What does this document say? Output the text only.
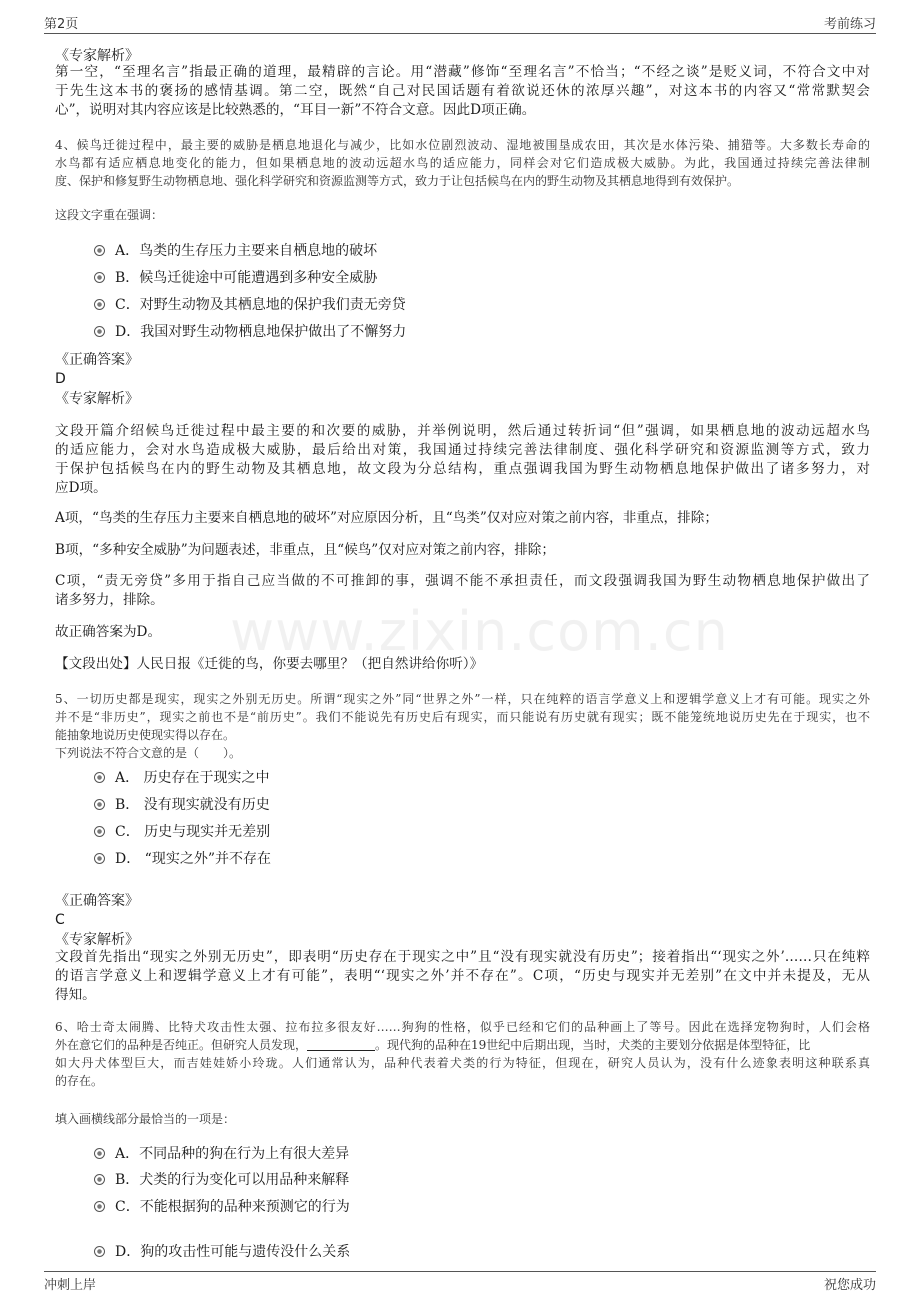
第2页	考前练习
www.zixin.com.cn
《专家解析》
第一空，“至理名言”指最正确的道理，最精辟的言论。用“潜藏”修饰“至理名言”不恰当；“不经之谈”是贬义词，不符合文中对
于先生这本书的褒扬的感情基调。第二空，既然“自己对民国话题有着欲说还休的浓厚兴趣”，对这本书的内容又“常常默契会
心”，说明对其内容应该是比较熟悉的，“耳目一新”不符合文意。因此D项正确。
4、候鸟迁徙过程中，最主要的威胁是栖息地退化与减少，比如水位剧烈波动、湿地被围垦成农田，其次是水体污染、捕猎等。大多数长寿命的
水鸟都有适应栖息地变化的能力，但如果栖息地的波动远超水鸟的适应能力，同样会对它们造成极大威胁。为此，我国通过持续完善法律制
度、保护和修复野生动物栖息地、强化科学研究和资源监测等方式，致力于让包括候鸟在内的野生动物及其栖息地得到有效保护。
这段文字重在强调：
A．鸟类的生存压力主要来自栖息地的破坏
B．候鸟迁徙途中可能遭遇到多种安全威胁
C．对野生动物及其栖息地的保护我们责无旁贷
D．我国对野生动物栖息地保护做出了不懈努力
《正确答案》
D
《专家解析》
文段开篇介绍候鸟迁徙过程中最主要的和次要的威胁，并举例说明，然后通过转折词“但”强调，如果栖息地的波动远超水鸟
的适应能力，会对水鸟造成极大威胁，最后给出对策，我国通过持续完善法律制度、强化科学研究和资源监测等方式，致力
于保护包括候鸟在内的野生动物及其栖息地，故文段为分总结构，重点强调我国为野生动物栖息地保护做出了诸多努力，对
应D项。
A项，“鸟类的生存压力主要来自栖息地的破坏”对应原因分析，且“鸟类”仅对应对策之前内容，非重点，排除；
B项，“多种安全威胁”为问题表述，非重点，且“候鸟”仅对应对策之前内容，排除；
C项，“责无旁贷”多用于指自己应当做的不可推卸的事，强调不能不承担责任，而文段强调我国为野生动物栖息地保护做出了
诸多努力，排除。
故正确答案为D。
【文段出处】人民日报《迁徙的鸟，你要去哪里？（把自然讲给你听）》
5、一切历史都是现实，现实之外别无历史。所谓“现实之外”同“世界之外”一样，只在纯粹的语言学意义上和逻辑学意义上才有可能。现实之外
并不是“非历史”，现实之前也不是“前历史”。我们不能说先有历史后有现实，而只能说有历史就有现实；既不能笼统地说历史先在于现实，也不
能抽象地说历史使现实得以存在。
下列说法不符合文意的是（　　）。
A． 历史存在于现实之中
B． 没有现实就没有历史
C． 历史与现实并无差别
D． “现实之外”并不存在
《正确答案》
C
《专家解析》
文段首先指出“现实之外别无历史”，即表明“历史存在于现实之中”且“没有现实就没有历史”；接着指出“‘现实之外’……只在纯粹
的语言学意义上和逻辑学意义上才有可能”，表明“‘现实之外’并不存在”。C项，“历史与现实并无差别”在文中并未提及，无从
得知。
6、哈士奇太闹腾、比特犬攻击性太强、拉布拉多很友好……狗狗的性格，似乎已经和它们的品种画上了等号。因此在选择宠物狗时，人们会格
外在意它们的品种是否纯正。但研究人员发现，	。现代狗的品种在19世纪中后期出现，当时，犬类的主要划分依据是体型特征，比
如大丹犬体型巨大，而吉娃娃娇小玲珑。人们通常认为，品种代表着犬类的行为特征，但现在，研究人员认为，没有什么迹象表明这种联系真
的存在。
填入画横线部分最恰当的一项是：
A．不同品种的狗在行为上有很大差异
B．犬类的行为变化可以用品种来解释
C．不能根据狗的品种来预测它的行为
D．狗的攻击性可能与遗传没什么关系
冲刺上岸	祝您成功
